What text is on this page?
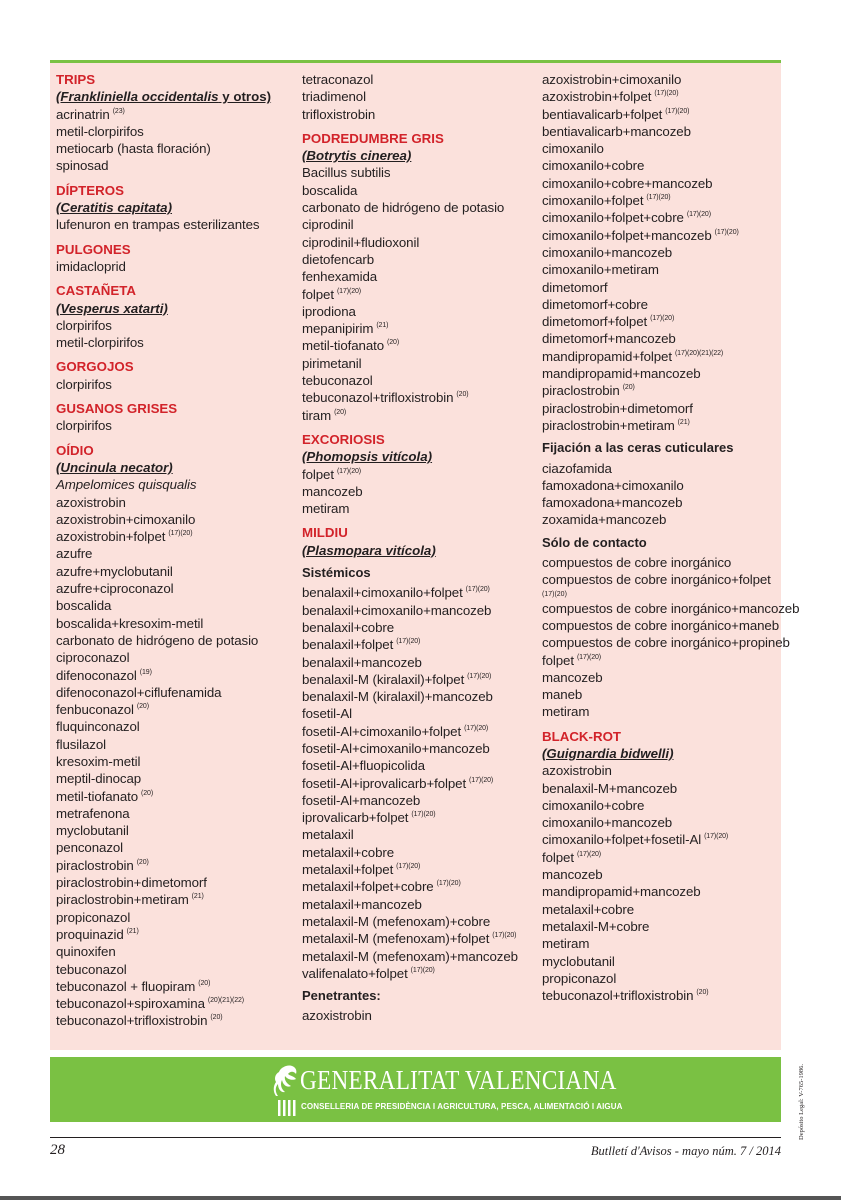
TRIPS
(Frankliniella occidentalis y otros)
acrinatrin $^{(23)}$
metil-clorpirifos
metiocarb (hasta floración)
spinosad
DÍPTEROS
(Ceratitis capitata)
lufenuron en trampas esterilizantes
PULGONES
imidacloprid
CASTAÑETA
(Vesperus xatarti)
clorpirifos
metil-clorpirifos
GORGOJOS
clorpirifos
GUSANOS GRISES
clorpirifos
OÍDIO
(Uncinula necator)
Ampelomices quisqualis
azoxistrobin
azoxistrobin+cimoxanilo
azoxistrobin+folpet $^{(17)(20)}$
azufre
azufre+myclobutanil
azufre+ciproconazol
boscalida
boscalida+kresoxim-metil
carbonato de hidrógeno de potasio
ciproconazol
difenoconazol $^{(19)}$
difenoconazol+ciflufenamida
fenbuconazol $^{(20)}$
fluquinconazol
flusilazol
kresoxim-metil
meptil-dinocap
metil-tiofanato $^{(20)}$
metrafenona
myclobutanil
penconazol
piraclostrobin $^{(20)}$
piraclostrobin+dimetomorf
piraclostrobin+metiram $^{(21)}$
propiconazol
proquinazid $^{(21)}$
quinoxifen
tebuconazol
tebuconazol + fluopiram $^{(20)}$
tebuconazol+spiroxamina $^{(20)(21)(22)}$
tebuconazol+trifloxistrobin $^{(20)}$
tetraconazol
triadimenol
trifloxistrobin
PODREDUMBRE GRIS
(Botrytis cinerea)
Bacillus subtilis
boscalida
carbonato de hidrógeno de potasio
ciprodinil
ciprodinil+fludioxonil
dietofencarb
fenhexamida
folpet $^{(17)(20)}$
iprodiona
mepanipirim $^{(21)}$
metil-tiofanato $^{(20)}$
pirimetanil
tebuconazol
tebuconazol+trifloxistrobin $^{(20)}$
tiram $^{(20)}$
EXCORIOSIS
(Phomopsis vitícola)
folpet $^{(17)(20)}$
mancozeb
metiram
MILDIU
(Plasmopara vitícola)
Sistémicos
benalaxil+cimoxanilo+folpet $^{(17)(20)}$
benalaxil+cimoxanilo+mancozeb
benalaxil+cobre
benalaxil+folpet $^{(17)(20)}$
benalaxil+mancozeb
benalaxil-M (kiralaxil)+folpet $^{(17)(20)}$
benalaxil-M (kiralaxil)+mancozeb
fosetil-Al
fosetil-Al+cimoxanilo+folpet $^{(17)(20)}$
fosetil-Al+cimoxanilo+mancozeb
fosetil-Al+fluopicolida
fosetil-Al+iprovalicarb+folpet $^{(17)(20)}$
fosetil-Al+mancozeb
iprovalicarb+folpet $^{(17)(20)}$
metalaxil
metalaxil+cobre
metalaxil+folpet $^{(17)(20)}$
metalaxil+folpet+cobre $^{(17)(20)}$
metalaxil+mancozeb
metalaxil-M (mefenoxam)+cobre
metalaxil-M (mefenoxam)+folpet $^{(17)(20)}$
metalaxil-M (mefenoxam)+mancozeb
valifenalato+folpet $^{(17)(20)}$
Penetrantes:
azoxistrobin
azoxistrobin+cimoxanilo
azoxistrobin+folpet $^{(17)(20)}$
bentiavalicarb+folpet $^{(17)(20)}$
bentiavalicarb+mancozeb
cimoxanilo
cimoxanilo+cobre
cimoxanilo+cobre+mancozeb
cimoxanilo+folpet $^{(17)(20)}$
cimoxanilo+folpet+cobre $^{(17)(20)}$
cimoxanilo+folpet+mancozeb $^{(17)(20)}$
cimoxanilo+mancozeb
cimoxanilo+metiram
dimetomorf
dimetomorf+cobre
dimetomorf+folpet $^{(17)(20)}$
dimetomorf+mancozeb
mandipropamid+folpet $^{(17)(20)(21)(22)}$
mandipropamid+mancozeb
piraclostrobin $^{(20)}$
piraclostrobin+dimetomorf
piraclostrobin+metiram $^{(21)}$
Fijación a las ceras cuticulares
ciazofamida
famoxadona+cimoxanilo
famoxadona+mancozeb
zoxamida+mancozeb
Sólo de contacto
compuestos de cobre inorgánico
compuestos de cobre inorgánico+folpet
(17)(20)
compuestos de cobre inorgánico+mancozeb
compuestos de cobre inorgánico+maneb
compuestos de cobre inorgánico+propineb
folpet $^{(17)(20)}$
mancozeb
maneb
metiram
BLACK-ROT
(Guignardia bidwelli)
azoxistrobin
benalaxil-M+mancozeb
cimoxanilo+cobre
cimoxanilo+mancozeb
cimoxanilo+folpet+fosetil-Al $^{(17)(20)}$
folpet $^{(17)(20)}$
mancozeb
mandipropamid+mancozeb
metalaxil+cobre
metalaxil-M+cobre
metiram
myclobutanil
propiconazol
tebuconazol+trifloxistrobin $^{(20)}$
GENERALITAT VALENCIANA
CONSELLERIA DE PRESIDÈNCIA I AGRICULTURA, PESCA, ALIMENTACIÓ I AIGUA
28	Butlletí d'Avisos - mayo núm. 7 / 2014
Depósito Legal: V-765-1986.
